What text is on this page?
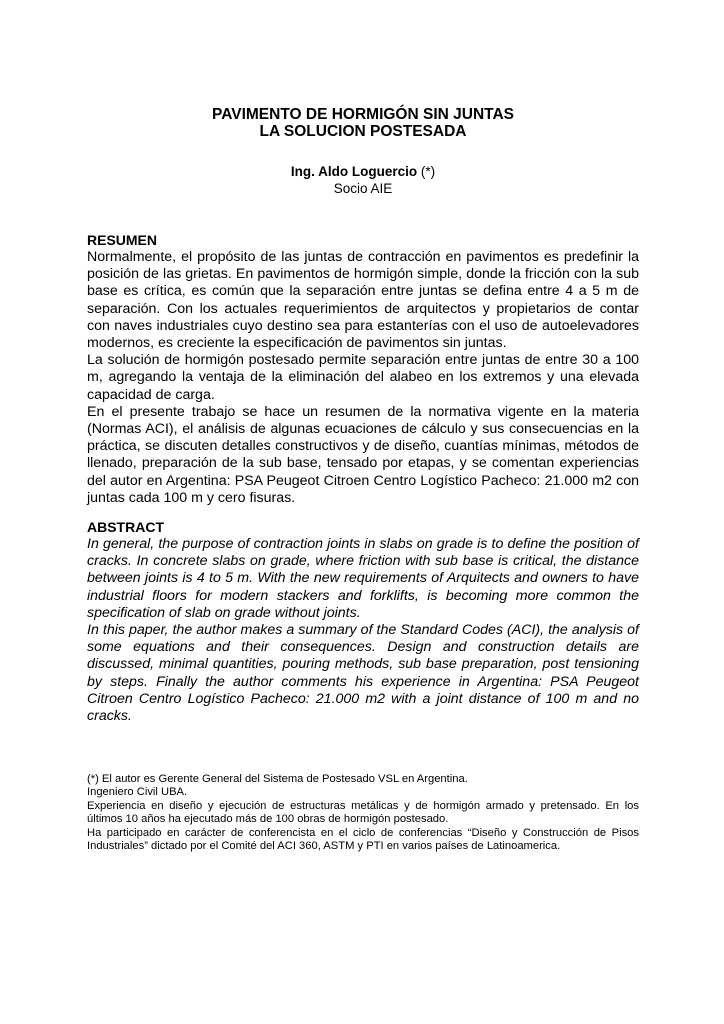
PAVIMENTO DE HORMIGÓN SIN JUNTAS
LA SOLUCION POSTESADA
Ing. Aldo Loguercio (*)
Socio AIE
RESUMEN

Normalmente, el propósito de las juntas de contracción en pavimentos es predefinir la posición de las grietas. En pavimentos de hormigón simple, donde la fricción con la sub base es crítica, es común que la separación entre juntas se defina entre 4 a 5 m de separación. Con los actuales requerimientos de arquitectos y propietarios de contar con naves industriales cuyo destino sea para estanterías con el uso de autoelevadores modernos, es creciente la especificación de pavimentos sin juntas.

La solución de hormigón postesado permite separación entre juntas de entre 30 a 100 m, agregando la ventaja de la eliminación del alabeo en los extremos y una elevada capacidad de carga.

En el presente trabajo se hace un resumen de la normativa vigente en la materia (Normas ACI), el análisis de algunas ecuaciones de cálculo y sus consecuencias en la práctica, se discuten detalles constructivos y de diseño, cuantías mínimas, métodos de llenado, preparación de la sub base, tensado por etapas, y se comentan experiencias del autor en Argentina: PSA Peugeot Citroen Centro Logístico Pacheco: 21.000 m2 con juntas cada 100 m y cero fisuras.

ABSTRACT

In general, the purpose of contraction joints in slabs on grade is to define the position of cracks. In concrete slabs on grade, where friction with sub base is critical, the distance between joints is 4 to 5 m. With the new requirements of Arquitects and owners to have industrial floors for modern stackers and forklifts, is becoming more common the specification of slab on grade without joints.

In this paper, the author makes a summary of the Standard Codes (ACI), the analysis of some equations and their consequences. Design and construction details are discussed, minimal quantities, pouring methods, sub base preparation, post tensioning by steps. Finally the author comments his experience in Argentina: PSA Peugeot Citroen Centro Logístico Pacheco: 21.000 m2 with a joint distance of 100 m and no cracks.

(*) El autor es Gerente General del Sistema de Postesado VSL en Argentina.

Ingeniero Civil UBA.

Experiencia en diseño y ejecución de estructuras metálicas y de hormigón armado y pretensado. En los últimos 10 años ha ejecutado más de 100 obras de hormigón postesado.

Ha participado en carácter de conferencista en el ciclo de conferencias “Diseño y Construcción de Pisos Industriales” dictado por el Comité del ACI 360, ASTM y PTI en varios países de Latinoamerica.
